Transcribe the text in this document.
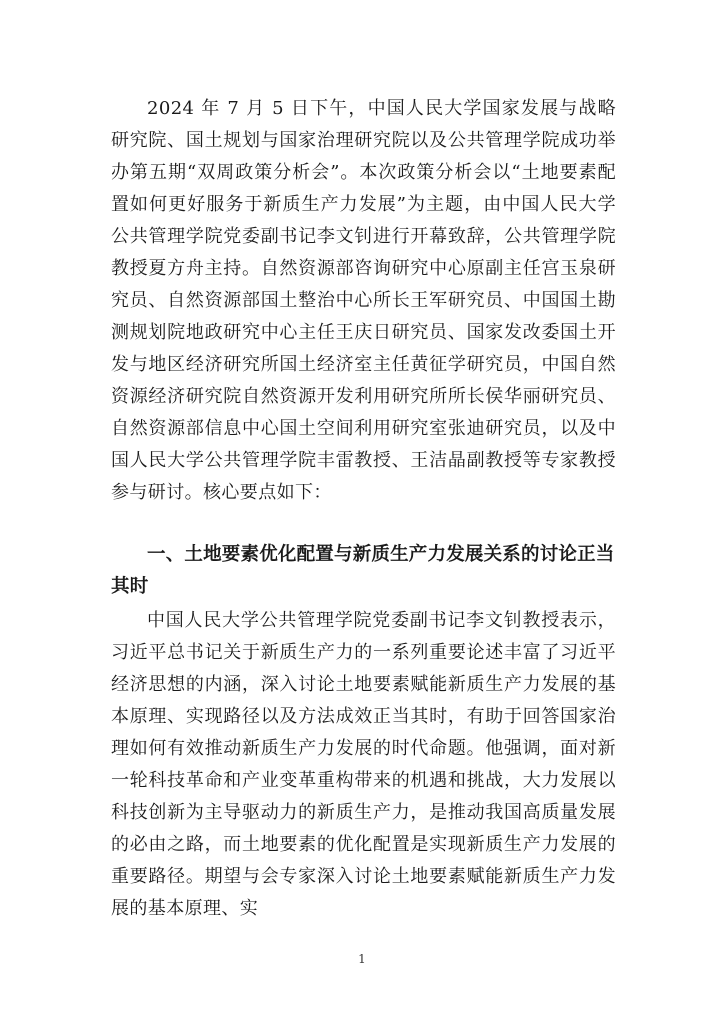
2024 年 7 月 5 日下午，中国人民大学国家发展与战略研究院、国土规划与国家治理研究院以及公共管理学院成功举办第五期“双周政策分析会”。本次政策分析会以“土地要素配置如何更好服务于新质生产力发展”为主题，由中国人民大学公共管理学院党委副书记李文钊进行开幕致辞，公共管理学院教授夏方舟主持。自然资源部咨询研究中心原副主任宫玉泉研究员、自然资源部国土整治中心所长王军研究员、中国国土勘测规划院地政研究中心主任王庆日研究员、国家发改委国土开发与地区经济研究所国土经济室主任黄征学研究员，中国自然资源经济研究院自然资源开发利用研究所所长侯华丽研究员、自然资源部信息中心国土空间利用研究室张迪研究员，以及中国人民大学公共管理学院丰雷教授、王洁晶副教授等专家教授参与研讨。核心要点如下：

一、土地要素优化配置与新质生产力发展关系的讨论正当其时

中国人民大学公共管理学院党委副书记李文钊教授表示，习近平总书记关于新质生产力的一系列重要论述丰富了习近平经济思想的内涵，深入讨论土地要素赋能新质生产力发展的基本原理、实现路径以及方法成效正当其时，有助于回答国家治理如何有效推动新质生产力发展的时代命题。他强调，面对新一轮科技革命和产业变革重构带来的机遇和挑战，大力发展以科技创新为主导驱动力的新质生产力，是推动我国高质量发展的必由之路，而土地要素的优化配置是实现新质生产力发展的重要路径。期望与会专家深入讨论土地要素赋能新质生产力发展的基本原理、实

1
